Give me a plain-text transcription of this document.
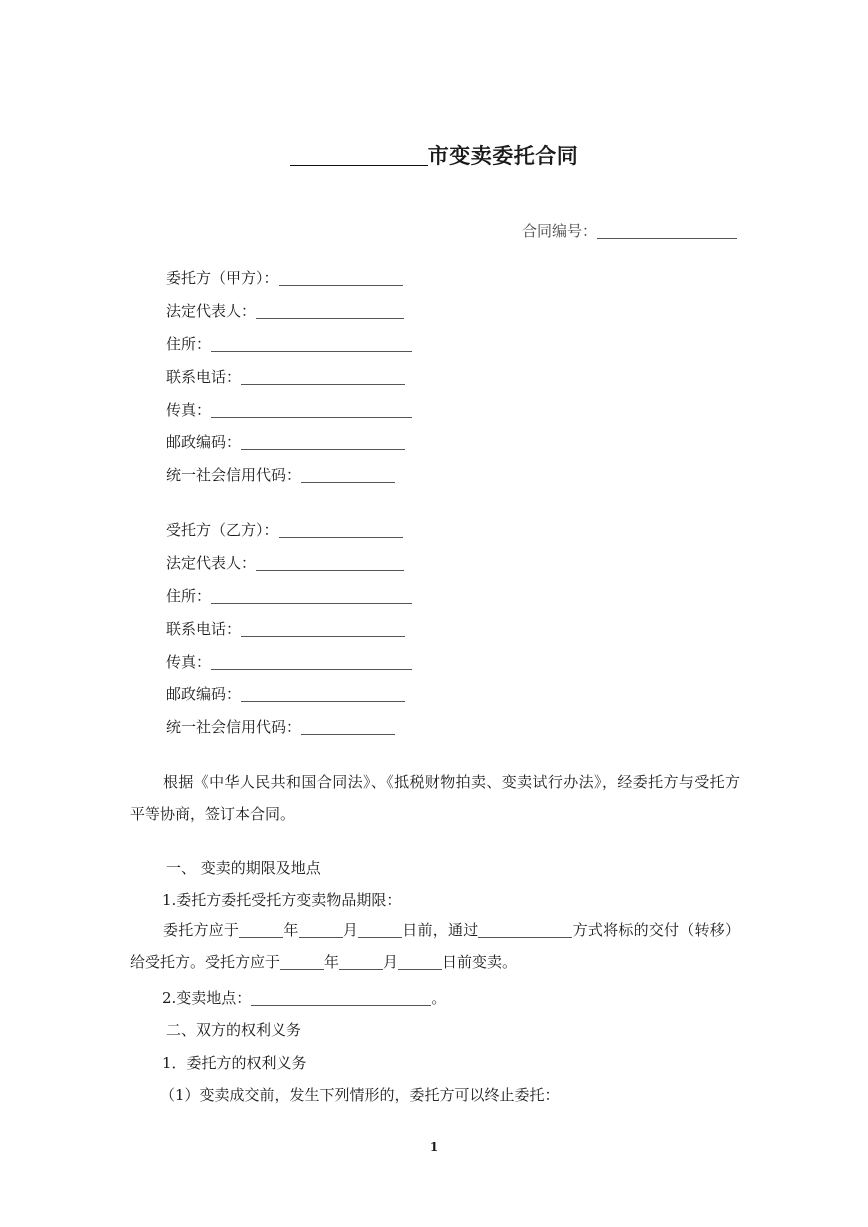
市变卖委托合同
合同编号：
委托方（甲方）：
法定代表人：
住所：
联系电话：
传真：
邮政编码：
统一社会信用代码：
受托方（乙方）：
法定代表人：
住所：
联系电话：
传真：
邮政编码：
统一社会信用代码：
根据《中华人民共和国合同法》、《抵税财物拍卖、变卖试行办法》，经委托方与受托方平等协商，签订本合同。
一、 变卖的期限及地点
1.委托方委托受托方变卖物品期限：
委托方应于	年	月	日前，通过	方式将标的交付（转移）给受托方。受托方应于	年	月	日前变卖。
2.变卖地点：	。
二、双方的权利义务
1．委托方的权利义务
（1）变卖成交前，发生下列情形的，委托方可以终止委托：
1
